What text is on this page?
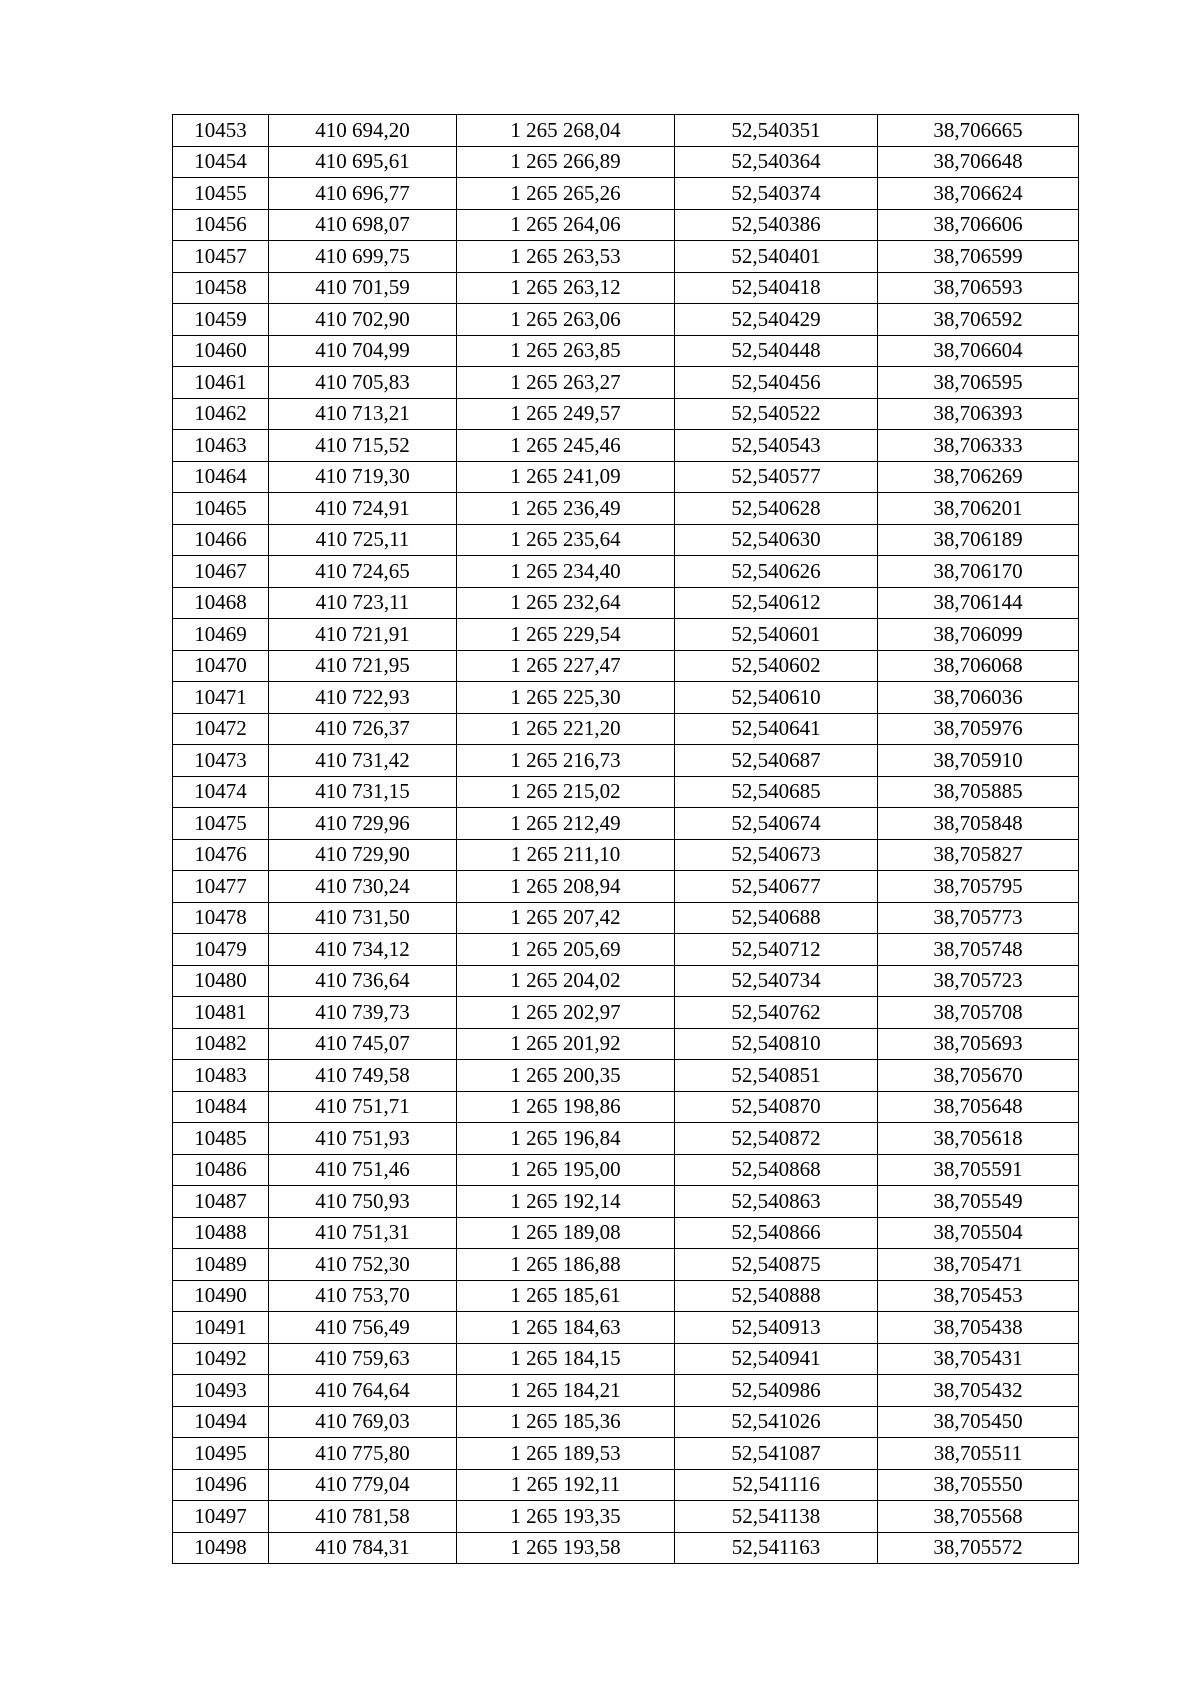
10453	410 694,20	1 265 268,04	52,540351	38,706665
10454	410 695,61	1 265 266,89	52,540364	38,706648
10455	410 696,77	1 265 265,26	52,540374	38,706624
10456	410 698,07	1 265 264,06	52,540386	38,706606
10457	410 699,75	1 265 263,53	52,540401	38,706599
10458	410 701,59	1 265 263,12	52,540418	38,706593
10459	410 702,90	1 265 263,06	52,540429	38,706592
10460	410 704,99	1 265 263,85	52,540448	38,706604
10461	410 705,83	1 265 263,27	52,540456	38,706595
10462	410 713,21	1 265 249,57	52,540522	38,706393
10463	410 715,52	1 265 245,46	52,540543	38,706333
10464	410 719,30	1 265 241,09	52,540577	38,706269
10465	410 724,91	1 265 236,49	52,540628	38,706201
10466	410 725,11	1 265 235,64	52,540630	38,706189
10467	410 724,65	1 265 234,40	52,540626	38,706170
10468	410 723,11	1 265 232,64	52,540612	38,706144
10469	410 721,91	1 265 229,54	52,540601	38,706099
10470	410 721,95	1 265 227,47	52,540602	38,706068
10471	410 722,93	1 265 225,30	52,540610	38,706036
10472	410 726,37	1 265 221,20	52,540641	38,705976
10473	410 731,42	1 265 216,73	52,540687	38,705910
10474	410 731,15	1 265 215,02	52,540685	38,705885
10475	410 729,96	1 265 212,49	52,540674	38,705848
10476	410 729,90	1 265 211,10	52,540673	38,705827
10477	410 730,24	1 265 208,94	52,540677	38,705795
10478	410 731,50	1 265 207,42	52,540688	38,705773
10479	410 734,12	1 265 205,69	52,540712	38,705748
10480	410 736,64	1 265 204,02	52,540734	38,705723
10481	410 739,73	1 265 202,97	52,540762	38,705708
10482	410 745,07	1 265 201,92	52,540810	38,705693
10483	410 749,58	1 265 200,35	52,540851	38,705670
10484	410 751,71	1 265 198,86	52,540870	38,705648
10485	410 751,93	1 265 196,84	52,540872	38,705618
10486	410 751,46	1 265 195,00	52,540868	38,705591
10487	410 750,93	1 265 192,14	52,540863	38,705549
10488	410 751,31	1 265 189,08	52,540866	38,705504
10489	410 752,30	1 265 186,88	52,540875	38,705471
10490	410 753,70	1 265 185,61	52,540888	38,705453
10491	410 756,49	1 265 184,63	52,540913	38,705438
10492	410 759,63	1 265 184,15	52,540941	38,705431
10493	410 764,64	1 265 184,21	52,540986	38,705432
10494	410 769,03	1 265 185,36	52,541026	38,705450
10495	410 775,80	1 265 189,53	52,541087	38,705511
10496	410 779,04	1 265 192,11	52,541116	38,705550
10497	410 781,58	1 265 193,35	52,541138	38,705568
10498	410 784,31	1 265 193,58	52,541163	38,705572
